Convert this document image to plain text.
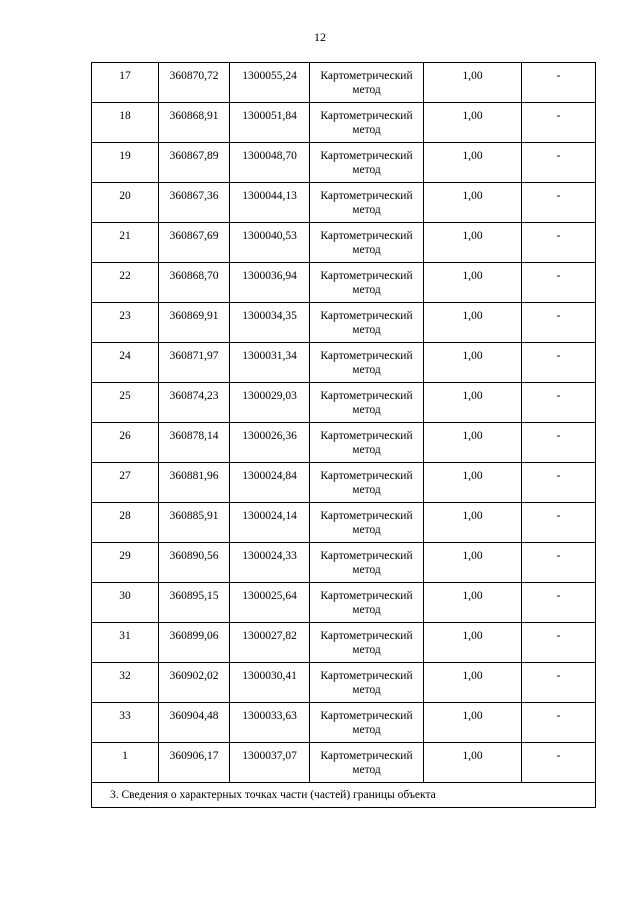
12
17	360870,72	1300055,24	Картометрический
метод	1,00	-

18	360868,91	1300051,84	Картометрический
метод	1,00	-

19	360867,89	1300048,70	Картометрический
метод	1,00	-

20	360867,36	1300044,13	Картометрический
метод	1,00	-

21	360867,69	1300040,53	Картометрический
метод	1,00	-

22	360868,70	1300036,94	Картометрический
метод	1,00	-

23	360869,91	1300034,35	Картометрический
метод	1,00	-

24	360871,97	1300031,34	Картометрический
метод	1,00	-

25	360874,23	1300029,03	Картометрический
метод	1,00	-

26	360878,14	1300026,36	Картометрический
метод	1,00	-

27	360881,96	1300024,84	Картометрический
метод	1,00	-

28	360885,91	1300024,14	Картометрический
метод	1,00	-

29	360890,56	1300024,33	Картометрический
метод	1,00	-

30	360895,15	1300025,64	Картометрический
метод	1,00	-

31	360899,06	1300027,82	Картометрический
метод	1,00	-

32	360902,02	1300030,41	Картометрический
метод	1,00	-

33	360904,48	1300033,63	Картометрический
метод	1,00	-

1	360906,17	1300037,07	Картометрический
метод	1,00	-

3. Сведения о характерных точках части (частей) границы объекта					
